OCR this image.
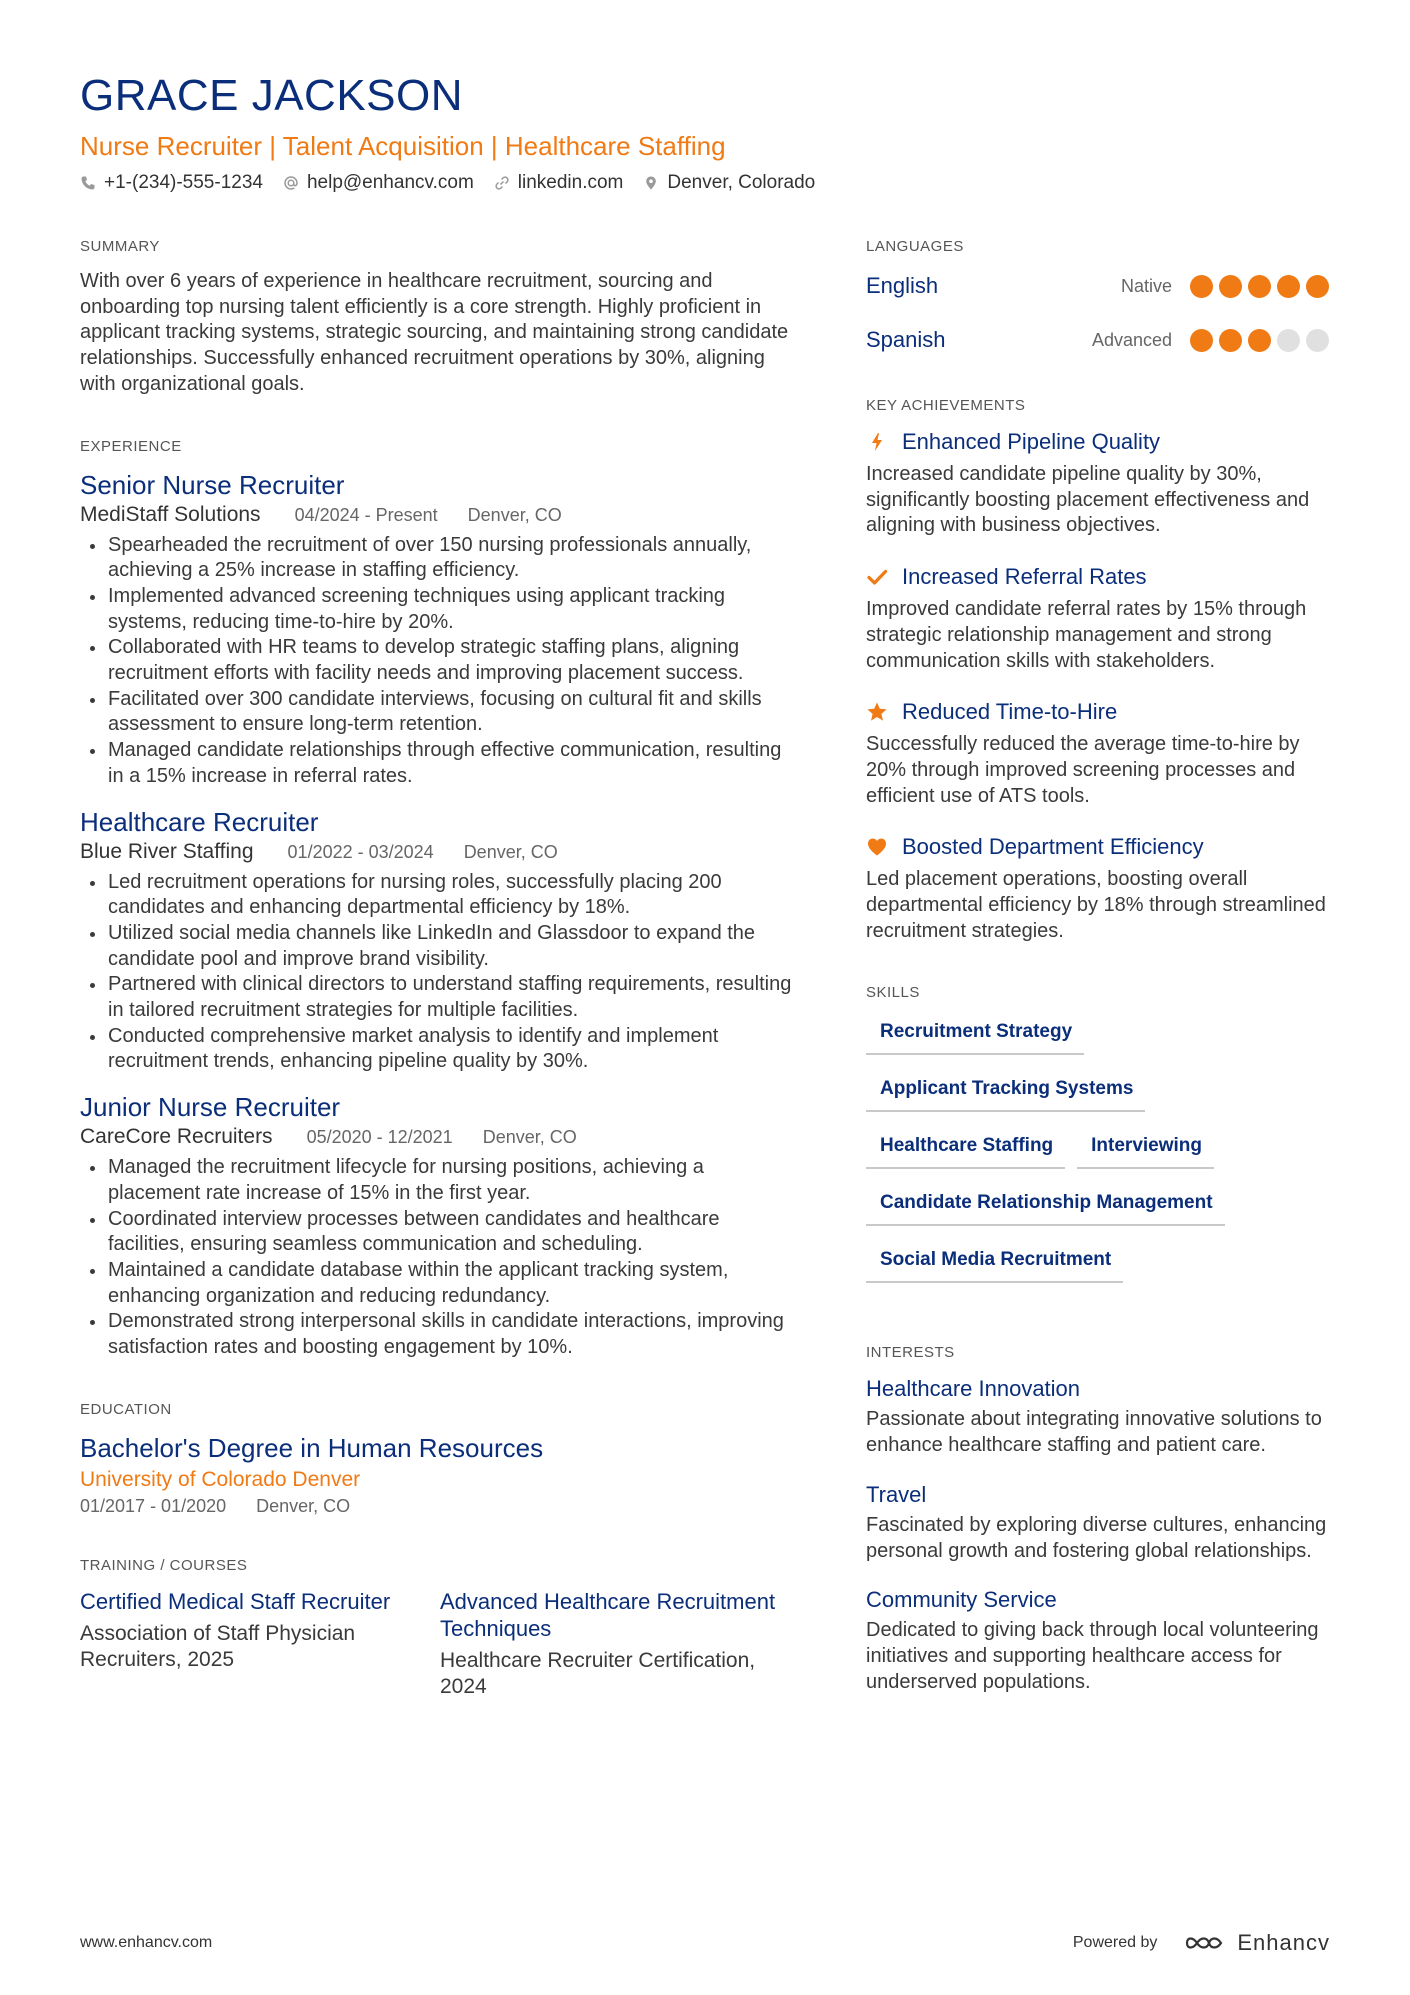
GRACE JACKSON
Nurse Recruiter | Talent Acquisition | Healthcare Staffing
+1-(234)-555-1234 help@enhancv.com linkedin.com Denver, Colorado
SUMMARY
With over 6 years of experience in healthcare recruitment, sourcing and onboarding top nursing talent efficiently is a core strength. Highly proficient in applicant tracking systems, strategic sourcing, and maintaining strong candidate relationships. Successfully enhanced recruitment operations by 30%, aligning with organizational goals.
EXPERIENCE
Senior Nurse Recruiter
MediStaff Solutions 04/2024 - Present Denver, CO
Spearheaded the recruitment of over 150 nursing professionals annually, achieving a 25% increase in staffing efficiency.
Implemented advanced screening techniques using applicant tracking systems, reducing time-to-hire by 20%.
Collaborated with HR teams to develop strategic staffing plans, aligning recruitment efforts with facility needs and improving placement success.
Facilitated over 300 candidate interviews, focusing on cultural fit and skills assessment to ensure long-term retention.
Managed candidate relationships through effective communication, resulting in a 15% increase in referral rates.
Healthcare Recruiter
Blue River Staffing 01/2022 - 03/2024 Denver, CO
Led recruitment operations for nursing roles, successfully placing 200 candidates and enhancing departmental efficiency by 18%.
Utilized social media channels like LinkedIn and Glassdoor to expand the candidate pool and improve brand visibility.
Partnered with clinical directors to understand staffing requirements, resulting in tailored recruitment strategies for multiple facilities.
Conducted comprehensive market analysis to identify and implement recruitment trends, enhancing pipeline quality by 30%.
Junior Nurse Recruiter
CareCore Recruiters 05/2020 - 12/2021 Denver, CO
Managed the recruitment lifecycle for nursing positions, achieving a placement rate increase of 15% in the first year.
Coordinated interview processes between candidates and healthcare facilities, ensuring seamless communication and scheduling.
Maintained a candidate database within the applicant tracking system, enhancing organization and reducing redundancy.
Demonstrated strong interpersonal skills in candidate interactions, improving satisfaction rates and boosting engagement by 10%.
EDUCATION
Bachelor's Degree in Human Resources
University of Colorado Denver
01/2017 - 01/2020 Denver, CO
TRAINING / COURSES
Certified Medical Staff Recruiter
Association of Staff Physician Recruiters, 2025
Advanced Healthcare Recruitment Techniques
Healthcare Recruiter Certification, 2024
LANGUAGES
English	Native
Spanish	Advanced
KEY ACHIEVEMENTS
Enhanced Pipeline Quality
Increased candidate pipeline quality by 30%, significantly boosting placement effectiveness and aligning with business objectives.
Increased Referral Rates
Improved candidate referral rates by 15% through strategic relationship management and strong communication skills with stakeholders.
Reduced Time-to-Hire
Successfully reduced the average time-to-hire by 20% through improved screening processes and efficient use of ATS tools.
Boosted Department Efficiency
Led placement operations, boosting overall departmental efficiency by 18% through streamlined recruitment strategies.
SKILLS
Recruitment Strategy
Applicant Tracking Systems
Healthcare Staffing	Interviewing
Candidate Relationship Management
Social Media Recruitment
INTERESTS
Healthcare Innovation
Passionate about integrating innovative solutions to enhance healthcare staffing and patient care.
Travel
Fascinated by exploring diverse cultures, enhancing personal growth and fostering global relationships.
Community Service
Dedicated to giving back through local volunteering initiatives and supporting healthcare access for underserved populations.
www.enhancv.com	Powered by	Enhancv
